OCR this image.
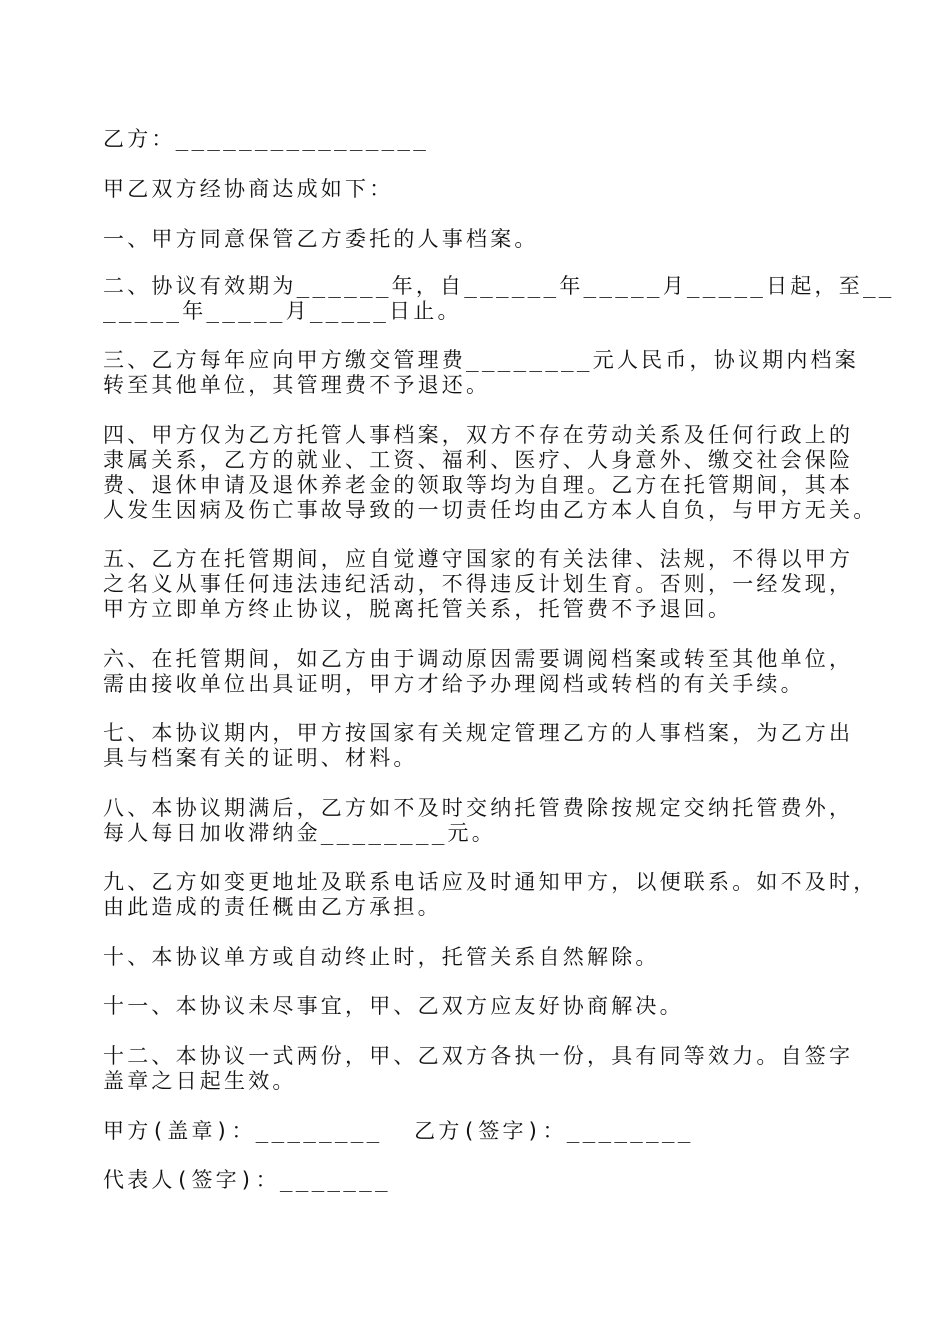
乙方：________________
甲乙双方经协商达成如下：
一、甲方同意保管乙方委托的人事档案。
二、协议有效期为______年，自______年_____月_____日起，至__
_____年_____月_____日止。
三、乙方每年应向甲方缴交管理费________元人民币，协议期内档案
转至其他单位，其管理费不予退还。
四、甲方仅为乙方托管人事档案，双方不存在劳动关系及任何行政上的
隶属关系，乙方的就业、工资、福利、医疗、人身意外、缴交社会保险
费、退休申请及退休养老金的领取等均为自理。乙方在托管期间，其本
人发生因病及伤亡事故导致的一切责任均由乙方本人自负，与甲方无关。
五、乙方在托管期间，应自觉遵守国家的有关法律、法规，不得以甲方
之名义从事任何违法违纪活动，不得违反计划生育。否则，一经发现，
甲方立即单方终止协议，脱离托管关系，托管费不予退回。
六、在托管期间，如乙方由于调动原因需要调阅档案或转至其他单位，
需由接收单位出具证明，甲方才给予办理阅档或转档的有关手续。
七、本协议期内，甲方按国家有关规定管理乙方的人事档案，为乙方出
具与档案有关的证明、材料。
八、本协议期满后，乙方如不及时交纳托管费除按规定交纳托管费外，
每人每日加收滞纳金________元。
九、乙方如变更地址及联系电话应及时通知甲方，以便联系。如不及时，
由此造成的责任概由乙方承担。
十、本协议单方或自动终止时，托管关系自然解除。
十一、本协议未尽事宜，甲、乙双方应友好协商解决。
十二、本协议一式两份，甲、乙双方各执一份，具有同等效力。自签字
盖章之日起生效。
甲方(盖章)：________  乙方(签字)：________
代表人(签字)：_______
